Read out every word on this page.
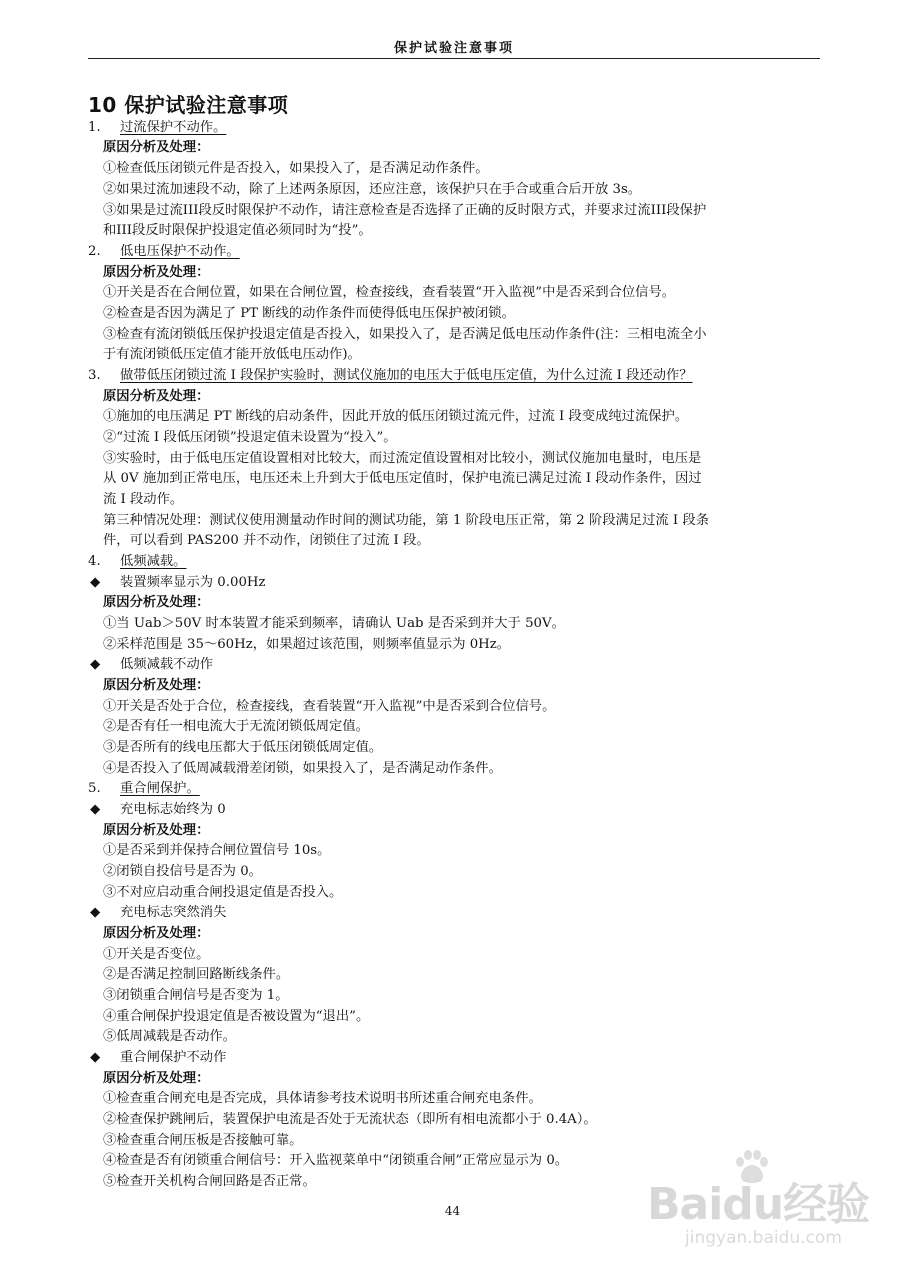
$_{保护试验注意事项}$
10 保护试验注意事项
1. 过流保护不动作。
原因分析及处理：
①检查低压闭锁元件是否投入，如果投入了，是否满足动作条件。
②如果过流加速段不动，除了上述两条原因，还应注意，该保护只在手合或重合后开放 3s。
③如果是过流III段反时限保护不动作，请注意检查是否选择了正确的反时限方式，并要求过流III段保护
和III段反时限保护投退定值必须同时为“投”。
2. 低电压保护不动作。
原因分析及处理：
①开关是否在合闸位置，如果在合闸位置，检查接线，查看装置“开入监视”中是否采到合位信号。
②检查是否因为满足了 PT 断线的动作条件而使得低电压保护被闭锁。
③检查有流闭锁低压保护投退定值是否投入，如果投入了，是否满足低电压动作条件(注：三相电流全小
于有流闭锁低压定值才能开放低电压动作)。
3. 做带低压闭锁过流 I 段保护实验时，测试仪施加的电压大于低电压定值，为什么过流 I 段还动作？
原因分析及处理：
①施加的电压满足 PT 断线的启动条件，因此开放的低压闭锁过流元件，过流 I 段变成纯过流保护。
②“过流 I 段低压闭锁”投退定值未设置为“投入”。
③实验时，由于低电压定值设置相对比较大，而过流定值设置相对比较小，测试仪施加电量时，电压是
从 0V 施加到正常电压，电压还未上升到大于低电压定值时，保护电流已满足过流 I 段动作条件，因过
流 I 段动作。
第三种情况处理：测试仪使用测量动作时间的测试功能，第 1 阶段电压正常，第 2 阶段满足过流 I 段条
件，可以看到 PAS200 并不动作，闭锁住了过流 I 段。
4. 低频减载。
◆ 装置频率显示为 0.00Hz
原因分析及处理：
①当 Uab＞50V 时本装置才能采到频率，请确认 Uab 是否采到并大于 50V。
②采样范围是 35～60Hz，如果超过该范围，则频率值显示为 0Hz。
◆ 低频减载不动作
原因分析及处理：
①开关是否处于合位，检查接线，查看装置“开入监视”中是否采到合位信号。
②是否有任一相电流大于无流闭锁低周定值。
③是否所有的线电压都大于低压闭锁低周定值。
④是否投入了低周减载滑差闭锁，如果投入了，是否满足动作条件。
5. 重合闸保护。
◆ 充电标志始终为 0
原因分析及处理：
①是否采到并保持合闸位置信号 10s。
②闭锁自投信号是否为 0。
③不对应启动重合闸投退定值是否投入。
◆ 充电标志突然消失
原因分析及处理：
①开关是否变位。
②是否满足控制回路断线条件。
③闭锁重合闸信号是否变为 1。
④重合闸保护投退定值是否被设置为“退出”。
⑤低周减载是否动作。
◆ 重合闸保护不动作
原因分析及处理：
①检查重合闸充电是否完成，具体请参考技术说明书所述重合闸充电条件。
②检查保护跳闸后，装置保护电流是否处于无流状态（即所有相电流都小于 0.4A）。
③检查重合闸压板是否接触可靠。
④检查是否有闭锁重合闸信号：开入监视菜单中“闭锁重合闸”正常应显示为 0。
⑤检查开关机构合闸回路是否正常。
44	Baidu经验
jingyan.baidu.com
